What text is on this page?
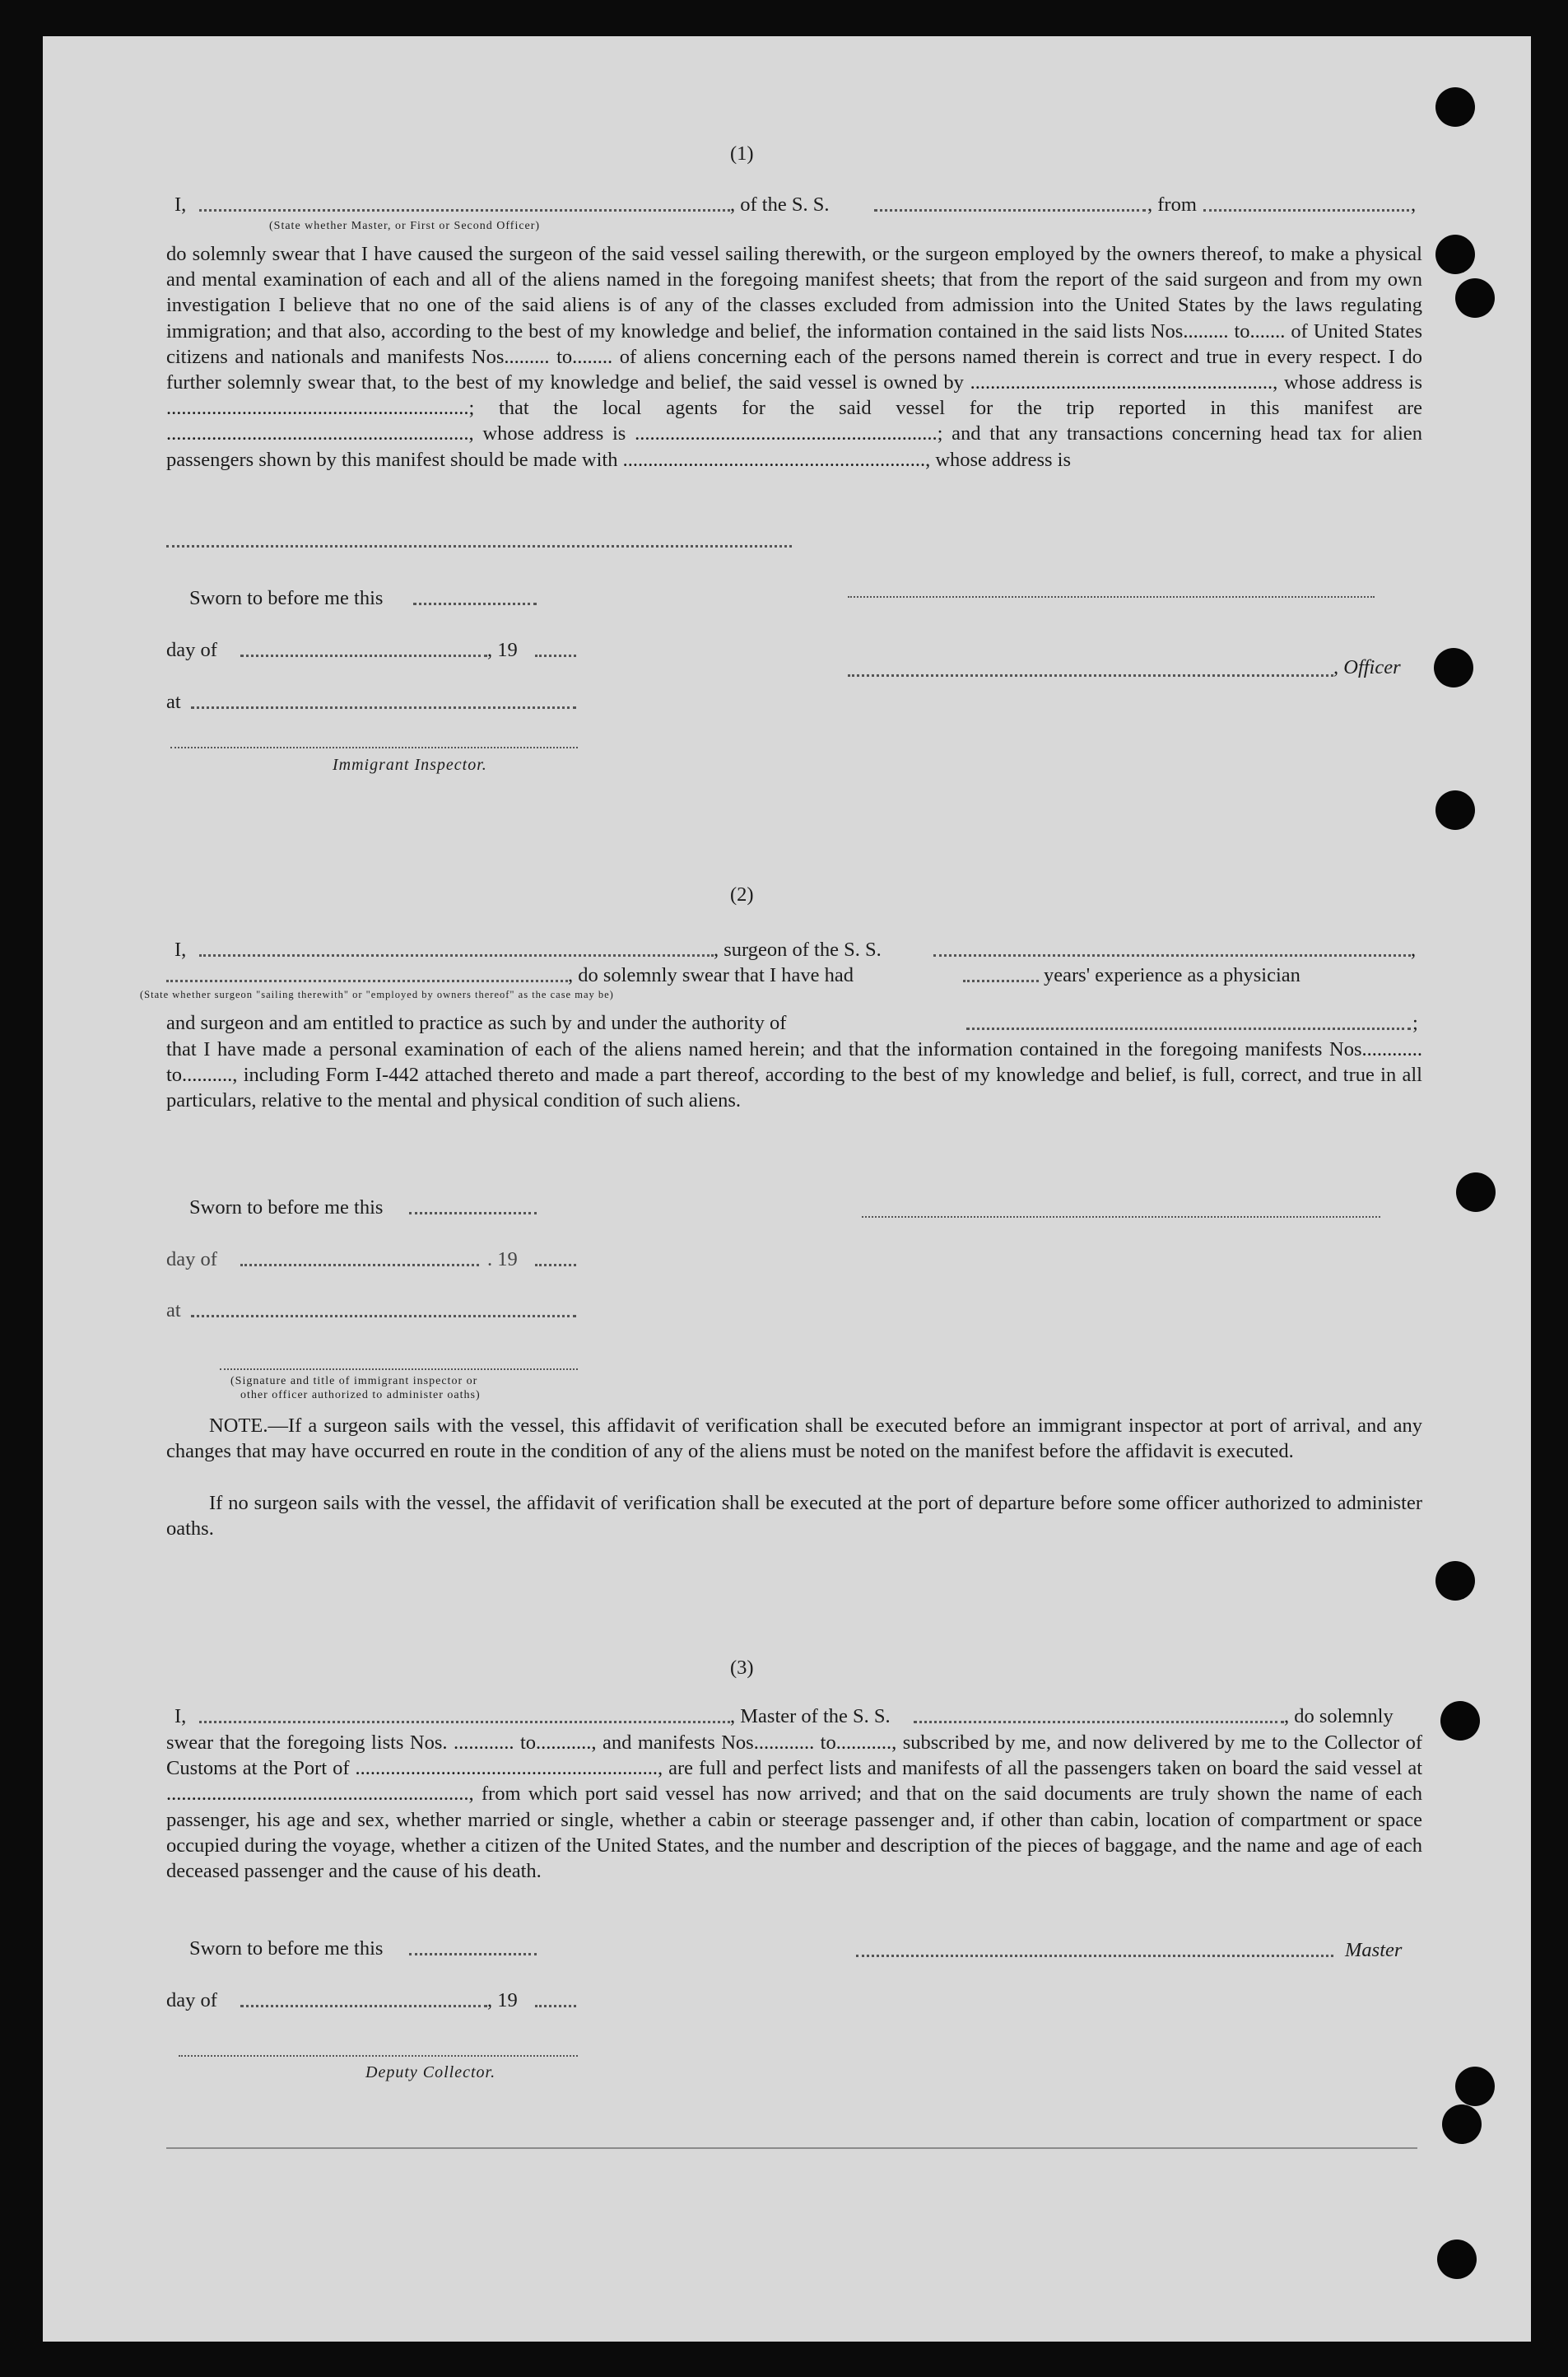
(1)
I,	, of the S. S.	, from	,
(State whether Master, or First or Second Officer)
do solemnly swear that I have caused the surgeon of the said vessel sailing therewith, or the surgeon employed by the owners thereof, to make a physical and mental examination of each and all of the aliens named in the foregoing manifest sheets; that from the report of the said surgeon and from my own investigation I believe that no one of the said aliens is of any of the classes excluded from admission into the United States by the laws regulating immigration; and that also, according to the best of my knowledge and belief, the information contained in the said lists Nos......... to....... of United States citizens and nationals and manifests Nos......... to........ of aliens concerning each of the persons named therein is correct and true in every respect. I do further solemnly swear that, to the best of my knowledge and belief, the said vessel is owned by ............................................................, whose address is ............................................................; that the local agents for the said vessel for the trip reported in this manifest are ............................................................, whose address is ............................................................; and that any transactions concerning head tax for alien passengers shown by this manifest should be made with ............................................................, whose address is
Sworn to before me this
day of	, 19
, Officer
at
Immigrant Inspector.
(2)
I,	, surgeon of the S. S.	,
, do solemnly swear that I have had	years' experience as a physician
(State whether surgeon "sailing therewith" or "employed by owners thereof" as the case may be)
and surgeon and am entitled to practice as such by and under the authority of	;
that I have made a personal examination of each of the aliens named herein; and that the information contained in the foregoing manifests Nos............ to.........., including Form I-442 attached thereto and made a part thereof, according to the best of my knowledge and belief, is full, correct, and true in all particulars, relative to the mental and physical condition of such aliens.
Sworn to before me this
day of	. 19
at
(Signature and title of immigrant inspector or
other officer authorized to administer oaths)
NOTE.—If a surgeon sails with the vessel, this affidavit of verification shall be executed before an immigrant inspector at port of arrival, and any changes that may have occurred en route in the condition of any of the aliens must be noted on the manifest before the affidavit is executed.
If no surgeon sails with the vessel, the affidavit of verification shall be executed at the port of departure before some officer authorized to administer oaths.
(3)
I,	, Master of the S. S.	, do solemnly
swear that the foregoing lists Nos. ............ to..........., and manifests Nos............ to..........., subscribed by me, and now delivered by me to the Collector of Customs at the Port of ............................................................, are full and perfect lists and manifests of all the passengers taken on board the said vessel at ............................................................, from which port said vessel has now arrived; and that on the said documents are truly shown the name of each passenger, his age and sex, whether married or single, whether a cabin or steerage passenger and, if other than cabin, location of compartment or space occupied during the voyage, whether a citizen of the United States, and the number and description of the pieces of baggage, and the name and age of each deceased passenger and the cause of his death.
Sworn to before me this	Master
day of	, 19
Deputy Collector.
